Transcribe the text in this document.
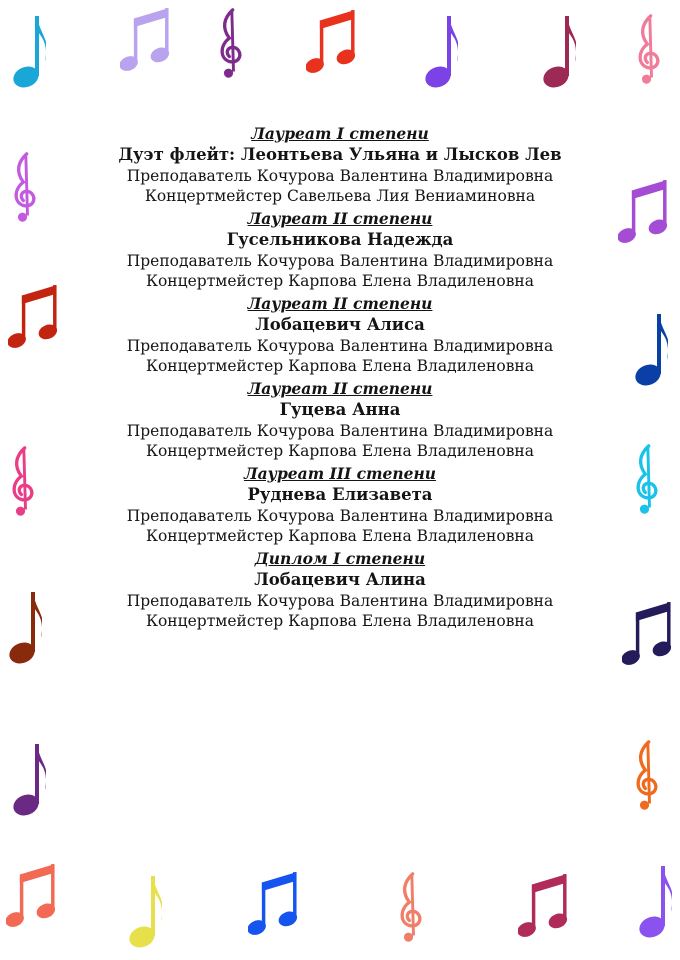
Лауреат I степени
Дуэт флейт: Леонтьева Ульяна и Лысков Лев
Преподаватель Кочурова Валентина Владимировна
Концертмейстер Савельева Лия Вениаминовна
Лауреат II степени
Гусельникова Надежда
Преподаватель Кочурова Валентина Владимировна
Концертмейстер Карпова Елена Владиленовна
Лауреат II степени
Лобацевич Алиса
Преподаватель Кочурова Валентина Владимировна
Концертмейстер Карпова Елена Владиленовна
Лауреат II степени
Гуцева Анна
Преподаватель Кочурова Валентина Владимировна
Концертмейстер Карпова Елена Владиленовна
Лауреат III степени
Руднева Елизавета
Преподаватель Кочурова Валентина Владимировна
Концертмейстер Карпова Елена Владиленовна
Диплом I степени
Лобацевич Алина
Преподаватель Кочурова Валентина Владимировна
Концертмейстер Карпова Елена Владиленовна
